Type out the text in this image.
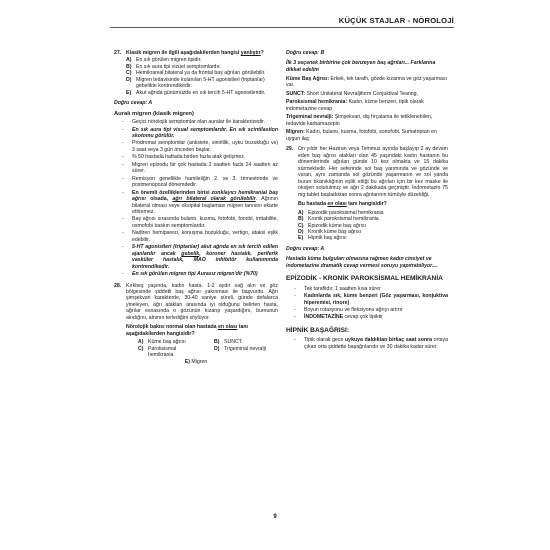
KÜÇÜK STAJLAR - NÖROLOJİ
27. Klasik migren ile ilgili aşağıdakilerden hangisi yanlıştır?
A) En sık görülen migren tipidir.
B) En sık aura tipi vizüel semptomlardır.
C) Hemikranial,bilateral ya da frontal baş ağrıları görülebilir.
D) Migren tedavisinde kulanılan 5-HT agonistleri (triptanlar) gebelikte kontrendikedir.
E) Akut ağrıda günümüzde en sık tercih 5-HT agonistleridir.
Doğru cevap: A
Auralı migren (klasik migren)
-	Geçici nörolojik semptomlar olan auralar ile karakterizedir.
-	En sık aura tipi visual semptomlardır. En sık scintilastion skotomu görülür.
-	Prodromal semptomlar (anksiete, sinirlilik, uyku bozukluğu vs) 3 saat veya 3 gün önceden başlar.
-	% 50 hastada haftada birden fazla atak gelişmez.
-	Migren epizodu bir çok hastada 2 saatten fazla 24 saatten az sürer.
-	Remisyon genellikle hamileliğin 2. ve 3. trimestrinde ve postmenopozal dönemdedir.
-	En önemli özelliklerinden birisi zonklayıcı hemikranial baş ağrısı olsada, ağrı bilateral olarak görülebilir. Ağrının bilateral olması veye oksipital başlaması migren tanısını ekarte ettiremez.
-	Baş ağrısı sırasında bulantı, kusma, fotofobi, fonobi, irritabilite, osmofobi baskın semptomlardır.
-	Nadiren hemiparezi, konuşma bozukluğu, vertigo, ataksi eşlik edebilir.
-	5-HT agonistleri (triptanlar) akut ağrıda en sık tercih edilen ajanlardır ancak gebelik, koroner hastalık, periferik vasküler hastalık, MAO inhibitör kullanımında kontrendikedir.
-	En sık görülen migren tipi Aurasız migren'dir (%70)
28. Kırkbeş yaşında, kadın hasta. 1-2 aydır sağ alın ve göz bölgesinde şiddetli baş ağrısı yakınması ile başvurdu. Ağrı şimşekvari karakterde, 30-40 saniye süreli, günde defalarca yineleyen, ağrı atakları arasında iyi olduğunu belirten hasta, ağrılar esnasında o gözünün kızarıp yaşardığını, burnunun akıdığını, alnının terlediğini söylüyor.

Nörolojik bakısı normal olan hastada en olası tanı aşağıdakilerden hangisidir?

A) Küme baş ağrısı	B) SUNCT
C) Paroksismal hemikrania
D) Trigeminal nevralji
E) Migren
Doğru cevap: B

İlk 3 seçenek birbirine çok benzeyen baş ağrıları... Farklarına dikkat edelim

Küme Baş Ağrısı: Erkek, tek taraflı, gözde kızarma ve göz yaşarması var.

SUNCT: Short Unilateral Nevraljiform Conjuktival Tearing,

Paroksismal hemikrania: Kadın, küme benzeri, tipik olarak indometazine cevap

Trigeminal nevralji: Şimşekvari, diş fırçalama ile tetiklenebilen, tedavide karbamazepin

Migren: Kadın, bulantı, kusma, fotofobi, sonofobi, Sumatriptan en uygun ilaç

29. On yıldır her Haziran veya Temmuz ayında başlayıp 2 ay devam eden baş ağrısı atakları olan 45 yaşındaki kadın hastanın bu dönemlerinde ağrıları günde 10 kez olmakta ve 15 dakika sürmektedir. Her seferinde sol baş yarımında ve gözünde ve vuran, aynı zamanda sol gözünde yaşarmanın ve sol yanda burun tıkanıklığının eşlik ettiği bu ağrıları için bir kez maske ile oksijen solutulmuş ve ağrı 2 dakikada geçmiştir. İndometazin 75 mg tablet başladıktan sonra ağrılarının tümüyle düzeldiği.

Bu hastada en olası tanı hangisidir?

A) Epizodik paroksismal hemikrania
B) Kronik paroksismal hemikrania
C) Epizodik küme baş ağrısı
D) Kronik küme baş ağrısı
E) Hipnik baş ağrısı
Doğru cevap: A

Hastada küme bulguları olmasına rağmen kadın cinsiyet ve indometazine dramatik cevap vermesi soruyu yapıtrabiliyor....

EPİZODİK - KRONİK PAROKSİSMAL HEMİKRANİA
-	Tek taraflıdır, 1 saatten kısa sürer
-	Kadınlarda sık, küme benzeri (Göz yaşarması, konjuktiva hiperemisi, rinore)
-	Boyun rotasyonu ve fleksiyonu ağrıyı artırır
-	İNDOMETAZİNE cevap çok tipiktir
HİPNİK BAŞAĞRISI:
-	Tipik olarak gece uykuya daldıktan birkaç saat sonra ortaya çıkan orta şiddette başağrılarıdır ve 30 dakika kadar sürer.
9
